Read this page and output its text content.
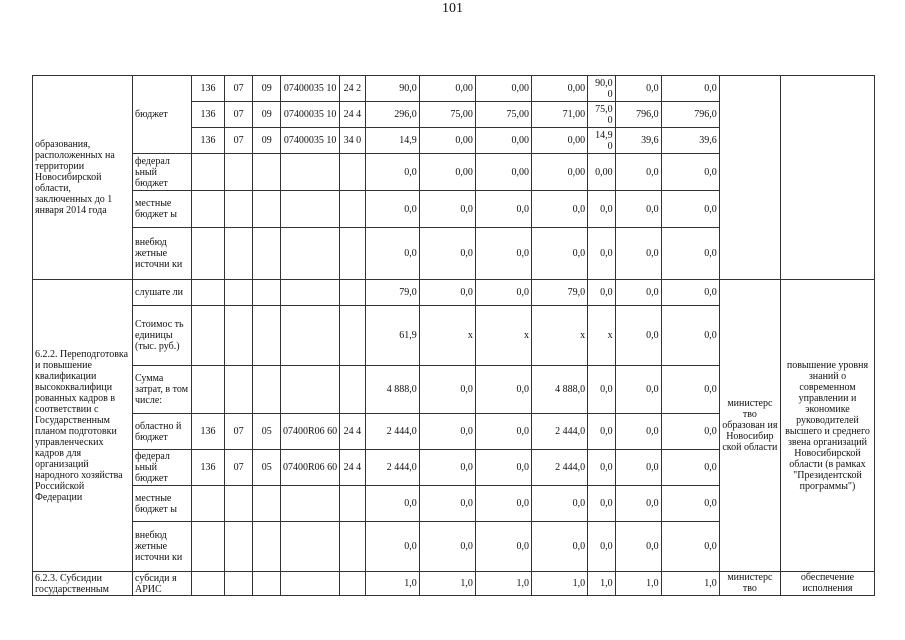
101
образования, расположенных на территории Новосибирской области, заключенных до 1 января 2014 года	бюджет	136	07	09	07400035 10	24 2	90,0	0,00	0,00	0,00	90,0 0	0,0	0,0		
		136	07	09	07400035 10	24 4	296,0	75,00	75,00	71,00	75,0 0	796,0	796,0		
		136	07	09	07400035 10	34 0	14,9	0,00	0,00	0,00	14,9 0	39,6	39,6		
	федерал ьный бюджет						0,0	0,00	0,00	0,00	0,00	0,0	0,0		
	местные бюджет ы						0,0	0,0	0,0	0,0	0,0	0,0	0,0		
	внебюд жетные источни ки						0,0	0,0	0,0	0,0	0,0	0,0	0,0		
6.2.2. Переподготовка и повышение квалификации высококвалифици рованных кадров в соответствии с Государственным планом подготовки управленческих кадров для организаций народного хозяйства Российской Федерации	слушате ли						79,0	0,0	0,0	79,0	0,0	0,0	0,0	министерс тво образован ия Новосибир ской области	повышение уровня знаний о современном управлении и экономике руководителей высшего и среднего звена организаций Новосибирской области (в рамках "Президентской программы")
	Стоимос ть единицы (тыс. руб.)						61,9	x	x	x	x	0,0	0,0		
	Сумма затрат, в том числе:						4 888,0	0,0	0,0	4 888,0	0,0	0,0	0,0		
	областно й бюджет	136	07	05	07400R06 60	24 4	2 444,0	0,0	0,0	2 444,0	0,0	0,0	0,0		
	федерал ьный бюджет	136	07	05	07400R06 60	24 4	2 444,0	0,0	0,0	2 444,0	0,0	0,0	0,0		
	местные бюджет ы						0,0	0,0	0,0	0,0	0,0	0,0	0,0		
	внебюд жетные источни ки						0,0	0,0	0,0	0,0	0,0	0,0	0,0		
6.2.3. Субсидии государственным	субсиди я АРИС						1,0	1,0	1,0	1,0	1,0	1,0	1,0	министерс тво	обеспечение исполнения
